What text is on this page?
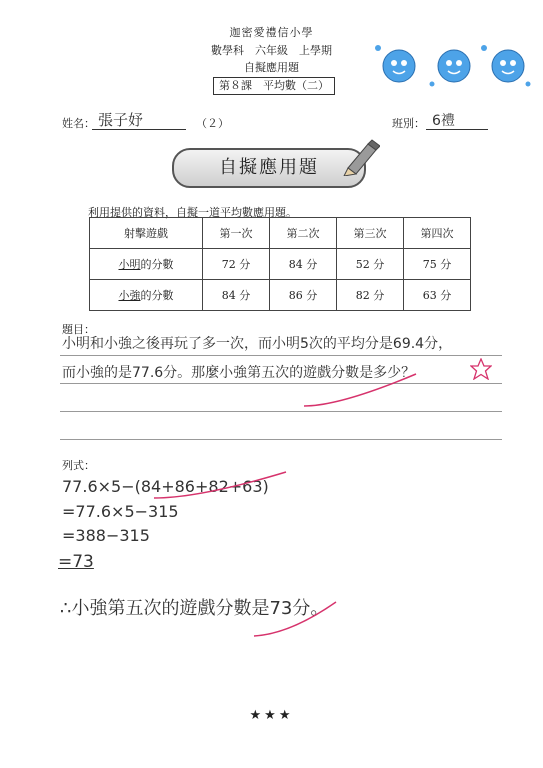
迦密愛禮信小學
數學科　六年級　上學期
自擬應用題
第８課　平均數（二）
姓名： 張子妤	（２）	班別： 6禮
自擬應用題
利用提供的資料，自擬一道平均數應用題。
射擊遊戲	第一次	第二次	第三次	第四次
小明的分數	72 分	84 分	52 分	75 分
小強的分數	84 分	86 分	82 分	63 分
題目：
小明和小強之後再玩了多一次，而小明5次的平均分是69.4分，
而小強的是77.6分。那麼小強第五次的遊戲分數是多少？
列式：
77.6×5−(84+86+82+63)
=77.6×5−315
=388−315
=73
∴小強第五次的遊戲分數是73分。
★★★
